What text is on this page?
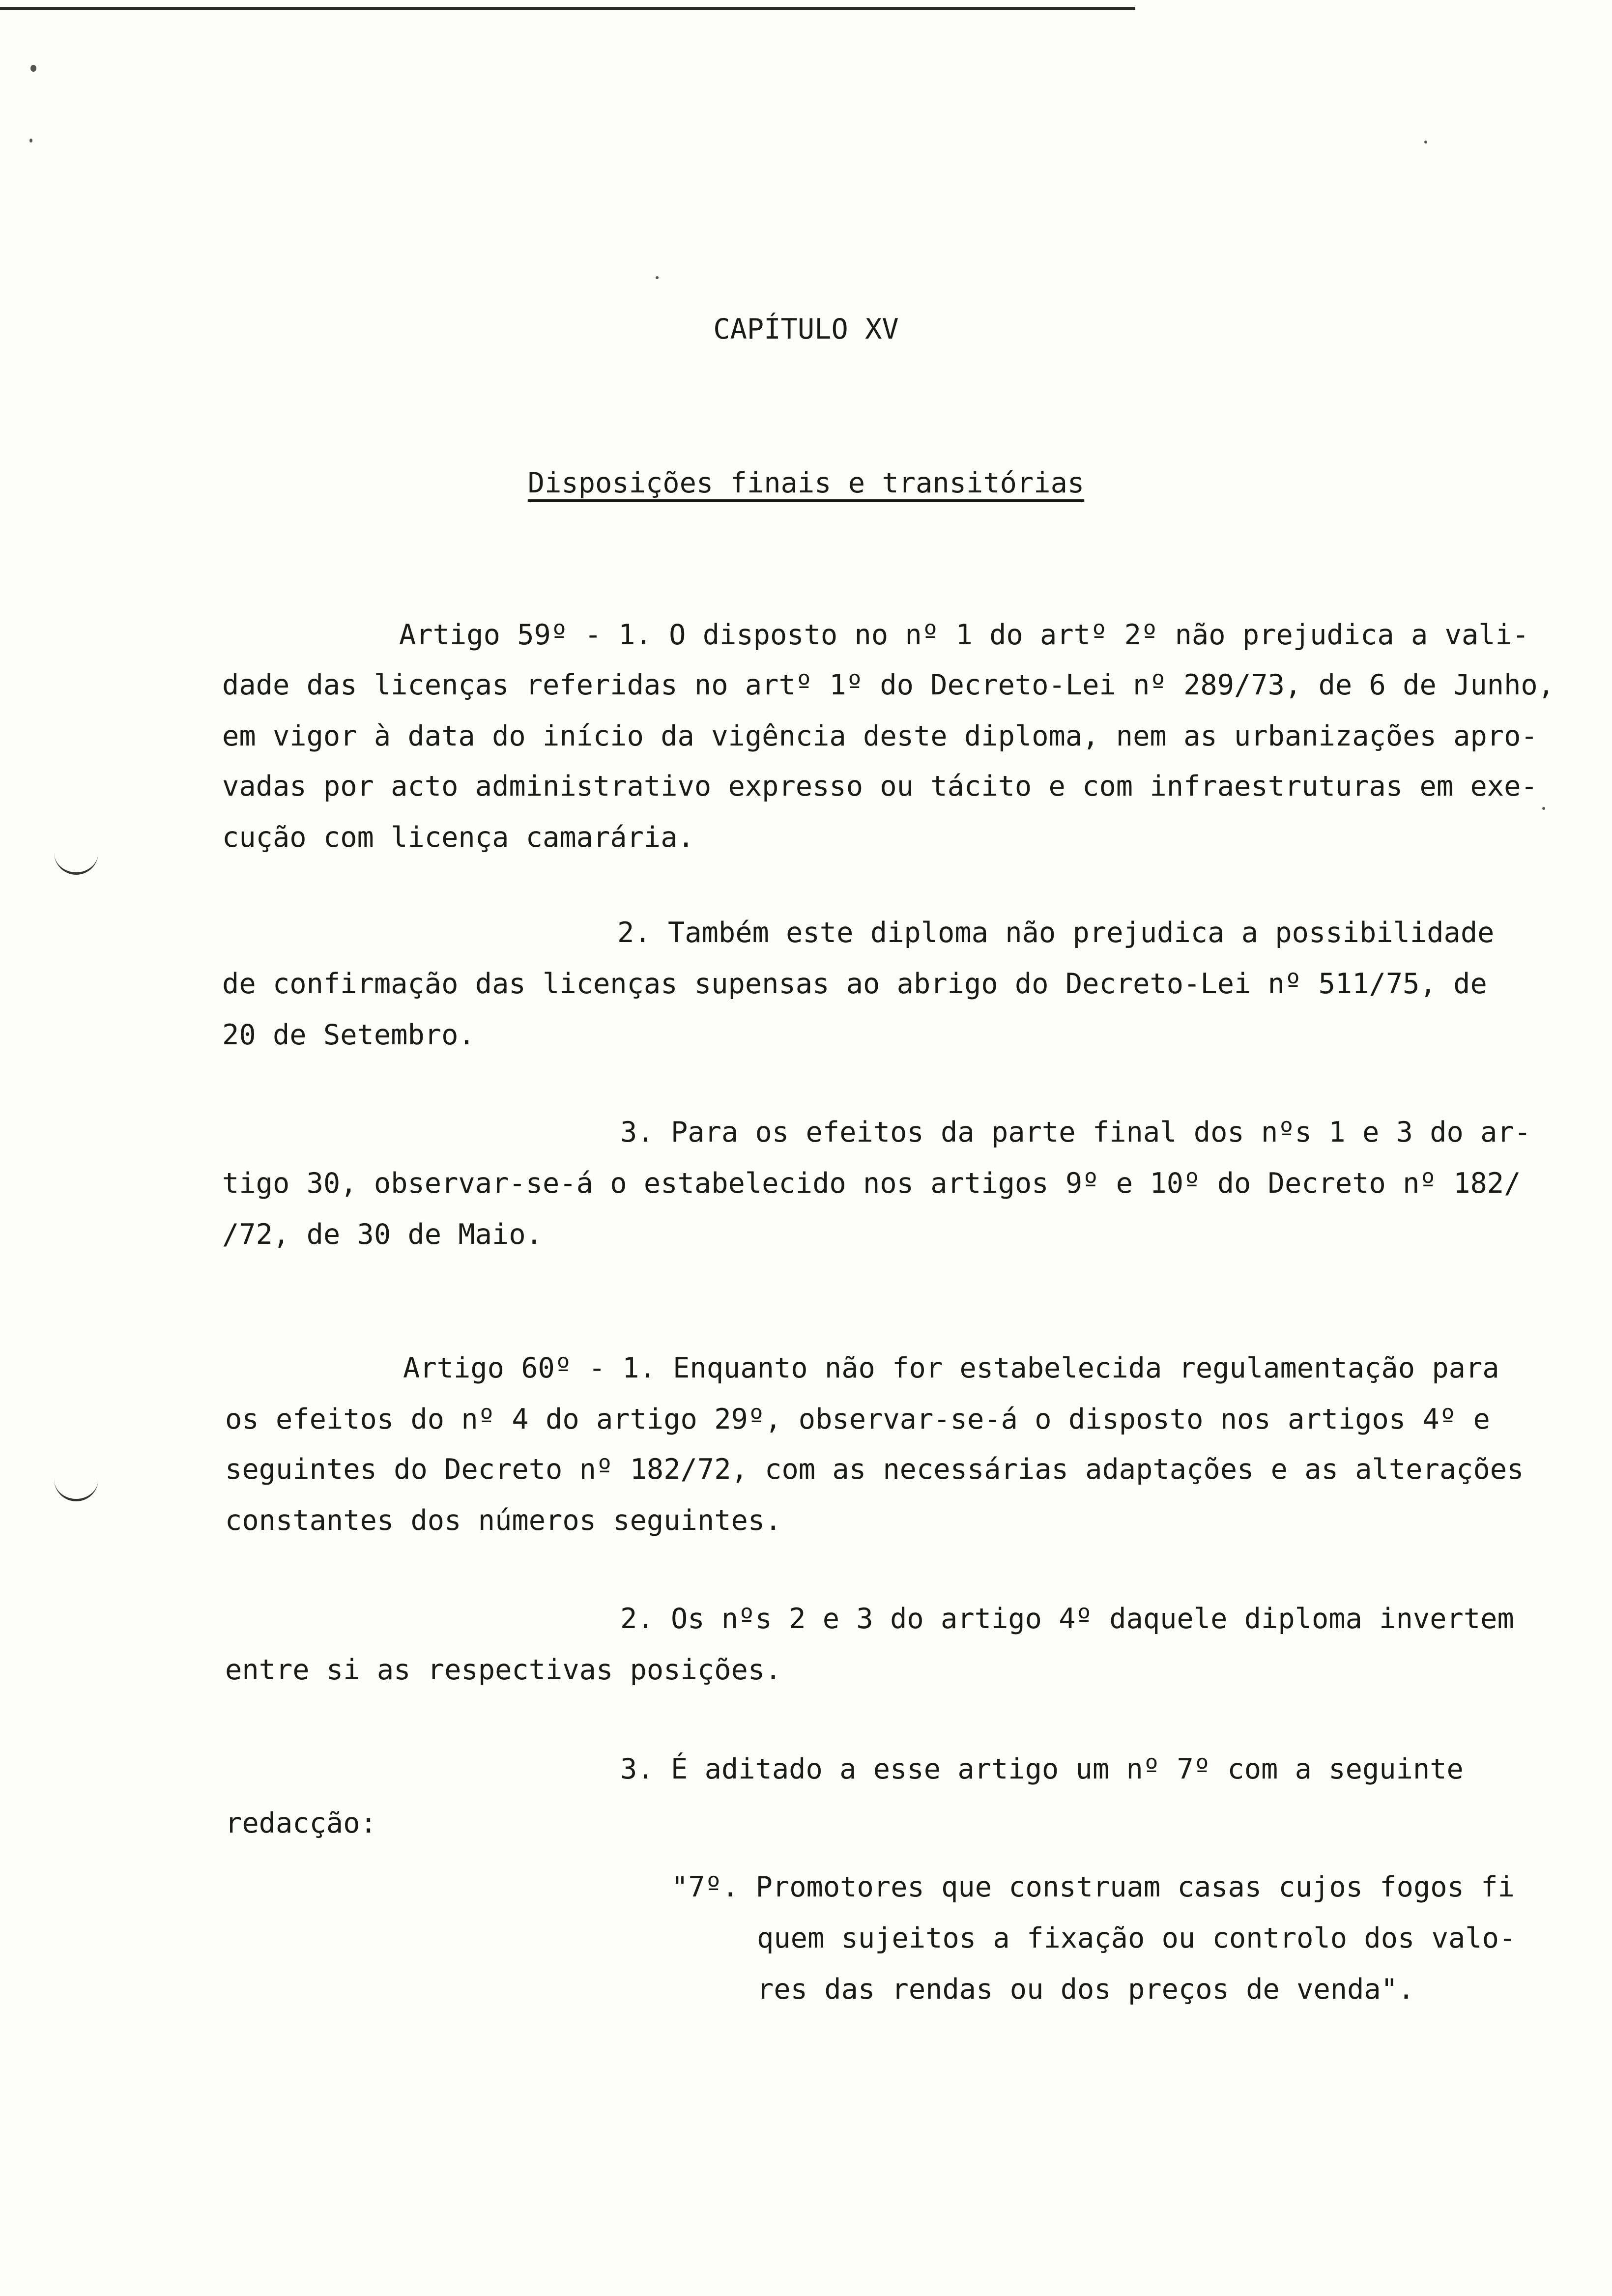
CAPÍTULO XV
Disposições finais e transitórias
Artigo 59º - 1. O disposto no nº 1 do artº 2º não prejudica a vali-
dade das licenças referidas no artº 1º do Decreto-Lei nº 289/73, de 6 de Junho,
em vigor à data do início da vigência deste diploma, nem as urbanizações apro-
vadas por acto administrativo expresso ou tácito e com infraestruturas em exe-
cução com licença camarária.
2. Também este diploma não prejudica a possibilidade
de confirmação das licenças supensas ao abrigo do Decreto-Lei nº 511/75, de
20 de Setembro.
3. Para os efeitos da parte final dos nºs 1 e 3 do ar-
tigo 30, observar-se-á o estabelecido nos artigos 9º e 10º do Decreto nº 182/
/72, de 30 de Maio.
Artigo 60º - 1. Enquanto não for estabelecida regulamentação para
os efeitos do nº 4 do artigo 29º, observar-se-á o disposto nos artigos 4º e
seguintes do Decreto nº 182/72, com as necessárias adaptações e as alterações
constantes dos números seguintes.
2. Os nºs 2 e 3 do artigo 4º daquele diploma invertem
entre si as respectivas posições.
3. É aditado a esse artigo um nº 7º com a seguinte
redacção:
"7º. Promotores que construam casas cujos fogos fi
quem sujeitos a fixação ou controlo dos valo-
res das rendas ou dos preços de venda".
